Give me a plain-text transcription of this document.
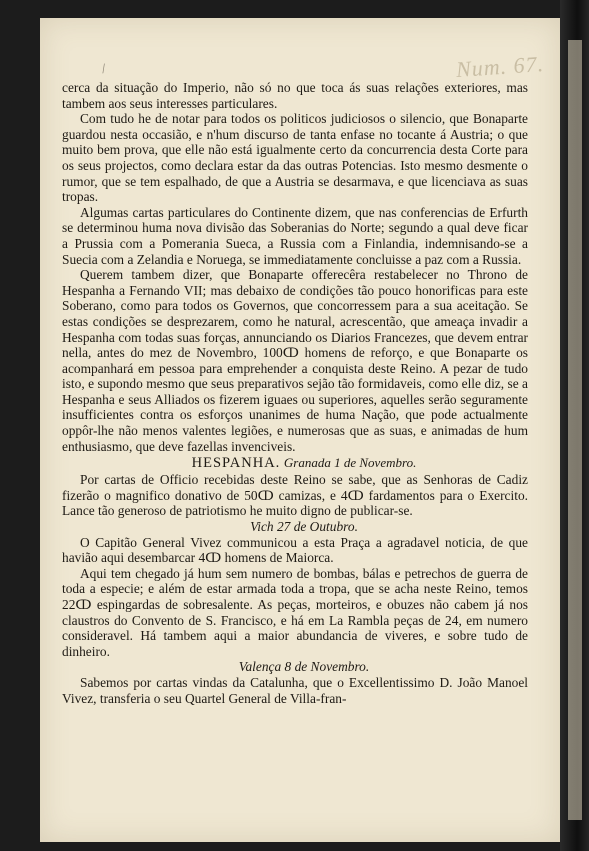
/	Num. 67.

cerca da situação do Imperio, não só no que toca ás suas relações exteriores, mas tambem aos seus interesses particulares.

Com tudo he de notar para todos os politicos judiciosos o silencio, que Bonaparte guardou nesta occasião, e n'hum discurso de tanta enfase no tocante á Austria; o que muito bem prova, que elle não está igualmente certo da concurrencia desta Corte para os seus projectos, como declara estar da das outras Potencias. Isto mesmo desmente o rumor, que se tem espalhado, de que a Austria se desarmava, e que licenciava as suas tropas.

Algumas cartas particulares do Continente dizem, que nas conferencias de Erfurth se determinou huma nova divisão das Soberanias do Norte; segundo a qual deve ficar a Prussia com a Pomerania Sueca, a Russia com a Finlandia, indemnisando-se a Suecia com a Zelandia e Noruega, se immediatamente concluisse a paz com a Russia.

Querem tambem dizer, que Bonaparte offerecêra restabelecer no Throno de Hespanha a Fernando VII; mas debaixo de condições tão pouco honorificas para este Soberano, como para todos os Governos, que concorressem para a sua aceitação. Se estas condições se desprezarem, como he natural, acrescentão, que ameaça invadir a Hespanha com todas suas forças, annunciando os Diarios Francezes, que devem entrar nella, antes do mez de Novembro, 100ↀ homens de reforço, e que Bonaparte os acompanhará em pessoa para emprehender a conquista deste Reino. A pezar de tudo isto, e supondo mesmo que seus preparativos sejão tão formidaveis, como elle diz, se a Hespanha e seus Alliados os fizerem iguaes ou superiores, aquelles serão seguramente insufficientes contra os esforços unanimes de huma Nação, que pode actualmente oppôr-lhe não menos valentes legiões, e numerosas que as suas, e animadas de hum enthusiasmo, que deve fazellas invenciveis.

HESPANHA. Granada 1 de Novembro.

Por cartas de Officio recebidas deste Reino se sabe, que as Senhoras de Cadiz fizerão o magnifico donativo de 50ↀ camizas, e 4ↀ fardamentos para o Exercito. Lance tão generoso de patriotismo he muito digno de publicar-se.

Vich 27 de Outubro.

O Capitão General Vivez communicou a esta Praça a agradavel noticia, de que havião aqui desembarcar 4ↀ homens de Maiorca.

Aqui tem chegado já hum sem numero de bombas, bálas e petrechos de guerra de toda a especie; e além de estar armada toda a tropa, que se acha neste Reino, temos 22ↀ espingardas de sobresalente. As peças, morteiros, e obuzes não cabem já nos claustros do Convento de S. Francisco, e há em La Rambla peças de 24, em numero consideravel. Há tambem aqui a maior abundancia de viveres, e sobre tudo de dinheiro.

Valença 8 de Novembro.

Sabemos por cartas vindas da Catalunha, que o Excellentissimo D. João Manoel Vivez, transferia o seu Quartel General de Villa-fran-
